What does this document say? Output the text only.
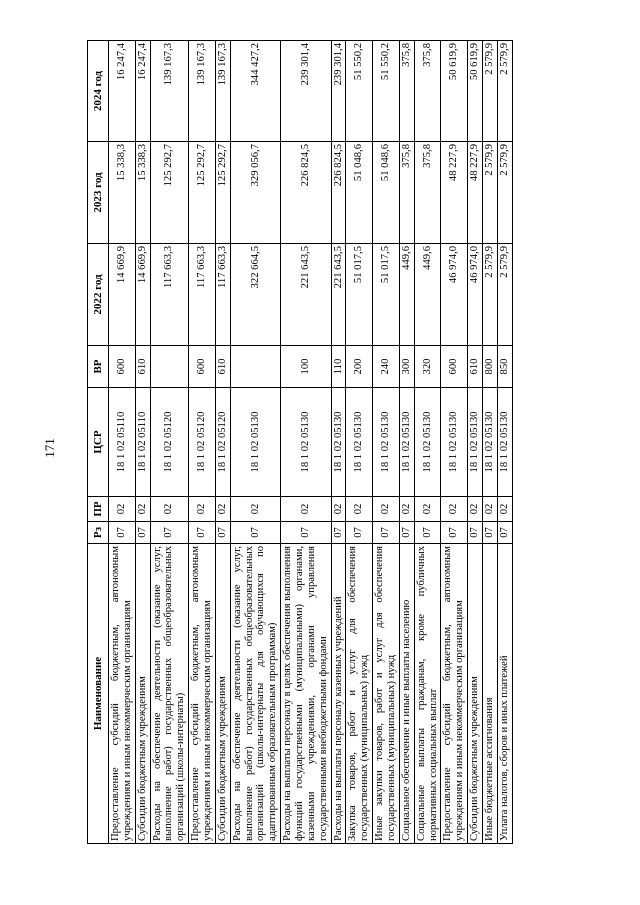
171
Наименование	Рз	ПР	ЦСР	ВР	2022 год	2023 год	2024 год
Предоставление субсидий бюджетным, автономным учреждениям и иным некоммерческим организациям	07	02	18 1 02 05110	600	14 669,9	15 338,3	16 247,4
Субсидии бюджетным учреждениям	07	02	18 1 02 05110	610	14 669,9	15 338,3	16 247,4
Расходы на обеспечение деятельности (оказание услуг, выполнение работ) государственных общеобразовательных организаций (школы-интернаты)	07	02	18 1 02 05120		117 663,3	125 292,7	139 167,3
Предоставление субсидий бюджетным, автономным учреждениям и иным некоммерческим организациям	07	02	18 1 02 05120	600	117 663,3	125 292,7	139 167,3
Субсидии бюджетным учреждениям	07	02	18 1 02 05120	610	117 663,3	125 292,7	139 167,3
Расходы на обеспечение деятельности (оказание услуг, выполнение работ) государственных общеобразовательных организаций (школы-интернаты для обучающихся по адаптированным образовательным программам)	07	02	18 1 02 05130		322 664,5	329 056,7	344 427,2
Расходы на выплаты персоналу в целях обеспечения выполнения функций государственными (муниципальными) органами, казенными учреждениями, органами управления государственными внебюджетными фондами	07	02	18 1 02 05130	100	221 643,5	226 824,5	239 301,4
Расходы на выплаты персоналу казенных учреждений	07	02	18 1 02 05130	110	221 643,5	226 824,5	239 301,4
Закупка товаров, работ и услуг для обеспечения государственных (муниципальных) нужд	07	02	18 1 02 05130	200	51 017,5	51 048,6	51 550,2
Иные закупки товаров, работ и услуг для обеспечения государственных (муниципальных) нужд	07	02	18 1 02 05130	240	51 017,5	51 048,6	51 550,2
Социальное обеспечение и иные выплаты населению	07	02	18 1 02 05130	300	449,6	375,8	375,8
Социальные выплаты гражданам, кроме публичных нормативных социальных выплат	07	02	18 1 02 05130	320	449,6	375,8	375,8
Предоставление субсидий бюджетным, автономным учреждениям и иным некоммерческим организациям	07	02	18 1 02 05130	600	46 974,0	48 227,9	50 619,9
Субсидии бюджетным учреждениям	07	02	18 1 02 05130	610	46 974,0	48 227,9	50 619,9
Иные бюджетные ассигнования	07	02	18 1 02 05130	800	2 579,9	2 579,9	2 579,9
Уплата налогов, сборов и иных платежей	07	02	18 1 02 05130	850	2 579,9	2 579,9	2 579,9
